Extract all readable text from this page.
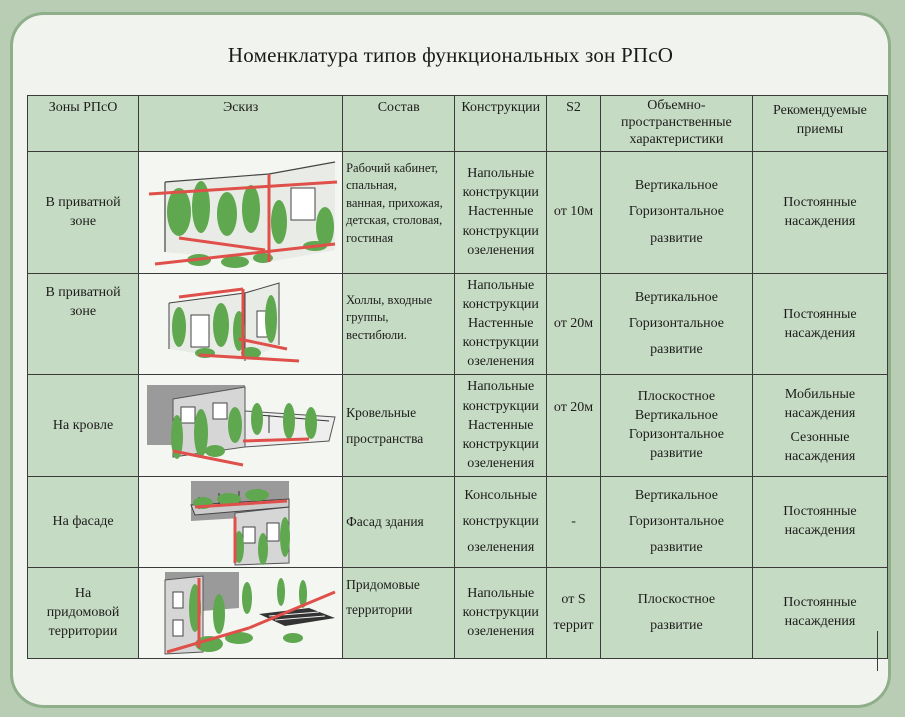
Номенклатура типов функциональных зон РПсО
Зоны РПсО	Эскиз	Состав	Конструкции	S2	Объемно-
пространственные
характеристики	Рекомендуемые
приемы

В приватной
зоне		Рабочий кабинет,
спальная,
ванная, прихожая,
детская, столовая,
гостиная	Напольные
конструкции
Настенные
конструкции
озеленения	от 10м	Вертикальное
Горизонтальное
развитие	Постоянные
насаждения

В приватной
зоне		Холлы, входные
группы,
вестибюли.	Напольные
конструкции
Настенные
конструкции
озеленения	от 20м	Вертикальное
Горизонтальное
развитие	Постоянные
насаждения

На кровле		Кровельные
пространства	Напольные
конструкции
Настенные
конструкции
озеленения	от 20м	Плоскостное
Вертикальное
Горизонтальное
развитие	Мобильные
насаждения
Сезонные
насаждения

На фасаде		Фасад здания	Консольные
конструкции
озеленения	-	Вертикальное
Горизонтальное
развитие	Постоянные
насаждения

На
придомовой
территории		Придомовые
территории	Напольные
конструкции
озеленения	от S
террит	Плоскостное
развитие	Постоянные
насаждения
